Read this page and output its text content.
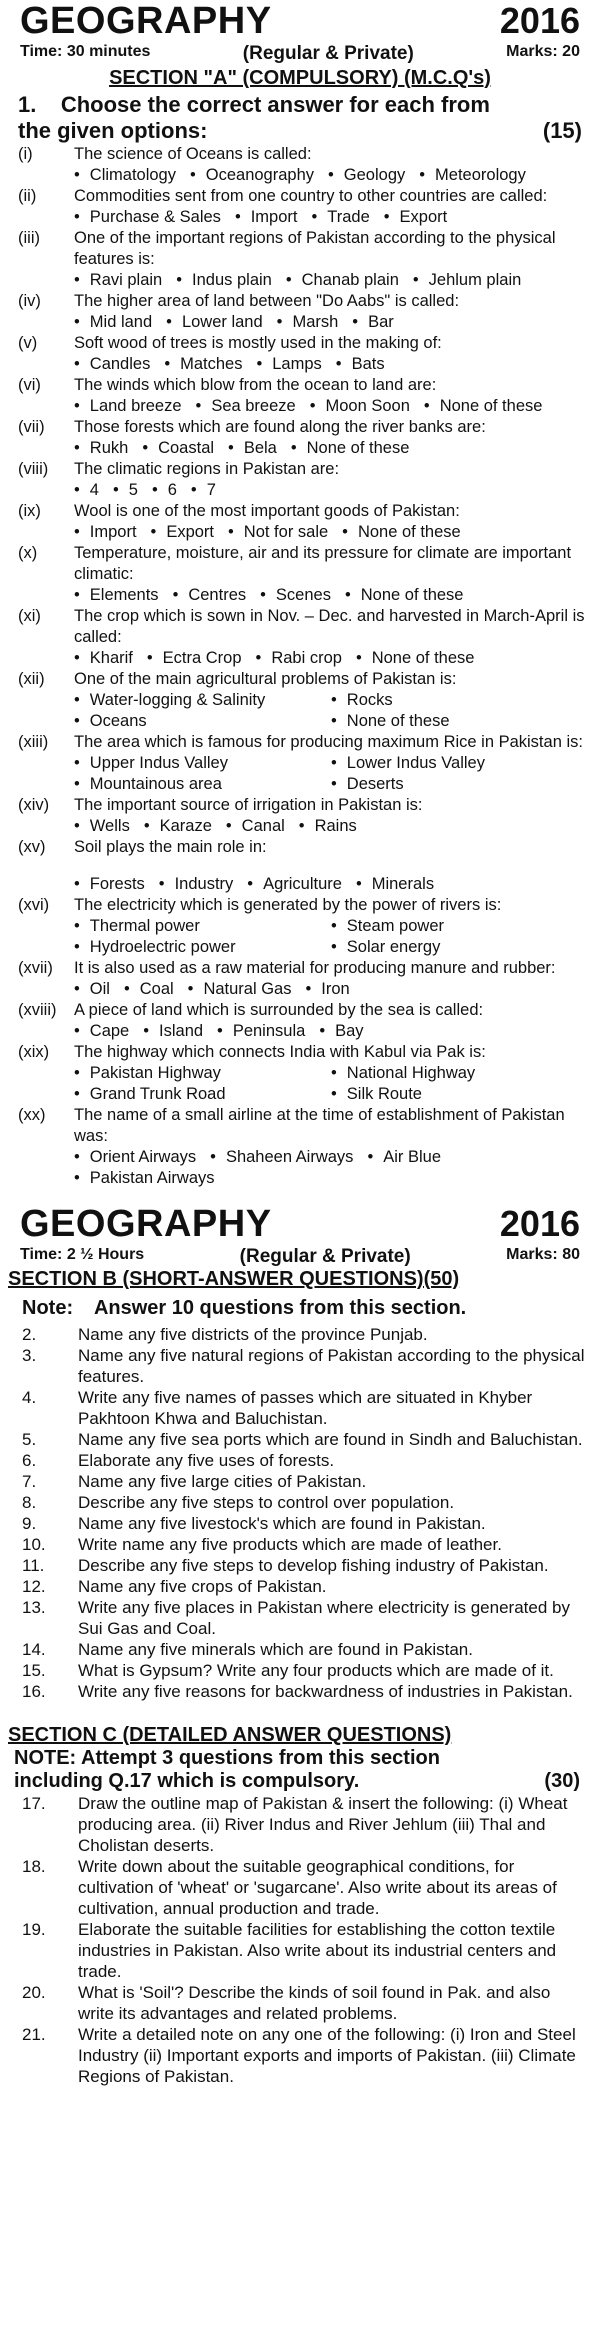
GEOGRAPHY	2016
Time: 30 minutes	(Regular & Private)	Marks: 20
SECTION "A" (COMPULSORY) (M.C.Q's)
1. Choose the correct answer for each from
the given options:	(15)
(i)	The science of Oceans is called:
• Climatology	• Oceanography	• Geology	• Meteorology
(ii)	Commodities sent from one country to other countries are called:
• Purchase & Sales	• Import	• Trade	• Export
(iii)	One of the important regions of Pakistan according to the physical features is:
• Ravi plain	• Indus plain	• Chanab plain	• Jehlum plain
(iv)	The higher area of land between "Do Aabs" is called:
• Mid land	• Lower land	• Marsh	• Bar
(v)	Soft wood of trees is mostly used in the making of:
• Candles	• Matches	• Lamps	• Bats
(vi)	The winds which blow from the ocean to land are:
• Land breeze	• Sea breeze	• Moon Soon	• None of these
(vii)	Those forests which are found along the river banks are:
• Rukh	• Coastal	• Bela	• None of these
(viii)	The climatic regions in Pakistan are:
• 4	• 5	• 6	• 7
(ix)	Wool is one of the most important goods of Pakistan:
• Import	• Export	• Not for sale	• None of these
(x)	Temperature, moisture, air and its pressure for climate are important climatic:
• Elements	• Centres	• Scenes	• None of these
(xi)	The crop which is sown in Nov. – Dec. and harvested in March-April is called:
• Kharif	• Ectra Crop	• Rabi crop	• None of these
(xii)	One of the main agricultural problems of Pakistan is:
• Water-logging & Salinity	• Rocks
• Oceans	• None of these
(xiii)	The area which is famous for producing maximum Rice in Pakistan is:
• Upper Indus Valley	• Lower Indus Valley
• Mountainous area	• Deserts
(xiv)	The important source of irrigation in Pakistan is:
• Wells	• Karaze	• Canal	• Rains
(xv)	Soil plays the main role in:
• Forests	• Industry	• Agriculture	• Minerals
(xvi)	The electricity which is generated by the power of rivers is:
• Thermal power	• Steam power
• Hydroelectric power	• Solar energy
(xvii)	It is also used as a raw material for producing manure and rubber:
• Oil	• Coal	• Natural Gas	• Iron
(xviii)	A piece of land which is surrounded by the sea is called:
• Cape	• Island	• Peninsula	• Bay
(xix)	The highway which connects India with Kabul via Pak is:
• Pakistan Highway	• National Highway
• Grand Trunk Road	• Silk Route
(xx)	The name of a small airline at the time of establishment of Pakistan was:
• Orient Airways	• Shaheen Airways	• Air Blue
• Pakistan Airways
GEOGRAPHY	2016
Time: 2 ½ Hours	(Regular & Private)	Marks: 80
SECTION B (SHORT-ANSWER QUESTIONS)(50)
Note: Answer 10 questions from this section.
2.	Name any five districts of the province Punjab.
3.	Name any five natural regions of Pakistan according to the physical features.
4.	Write any five names of passes which are situated in Khyber Pakhtoon Khwa and Baluchistan.
5.	Name any five sea ports which are found in Sindh and Baluchistan.
6.	Elaborate any five uses of forests.
7.	Name any five large cities of Pakistan.
8.	Describe any five steps to control over population.
9.	Name any five livestock's which are found in Pakistan.
10.	Write name any five products which are made of leather.
11.	Describe any five steps to develop fishing industry of Pakistan.
12.	Name any five crops of Pakistan.
13.	Write any five places in Pakistan where electricity is generated by Sui Gas and Coal.
14.	Name any five minerals which are found in Pakistan.
15.	What is Gypsum? Write any four products which are made of it.
16.	Write any five reasons for backwardness of industries in Pakistan.
SECTION C (DETAILED ANSWER QUESTIONS)
NOTE: Attempt 3 questions from this section
including Q.17 which is compulsory.	(30)
17.	Draw the outline map of Pakistan & insert the following: (i) Wheat producing area. (ii) River Indus and River Jehlum (iii) Thal and Cholistan deserts.
18.	Write down about the suitable geographical conditions, for cultivation of 'wheat' or 'sugarcane'. Also write about its areas of cultivation, annual production and trade.
19.	Elaborate the suitable facilities for establishing the cotton textile industries in Pakistan. Also write about its industrial centers and trade.
20.	What is 'Soil'? Describe the kinds of soil found in Pak. and also write its advantages and related problems.
21.	Write a detailed note on any one of the following: (i) Iron and Steel Industry (ii) Important exports and imports of Pakistan. (iii) Climate Regions of Pakistan.
